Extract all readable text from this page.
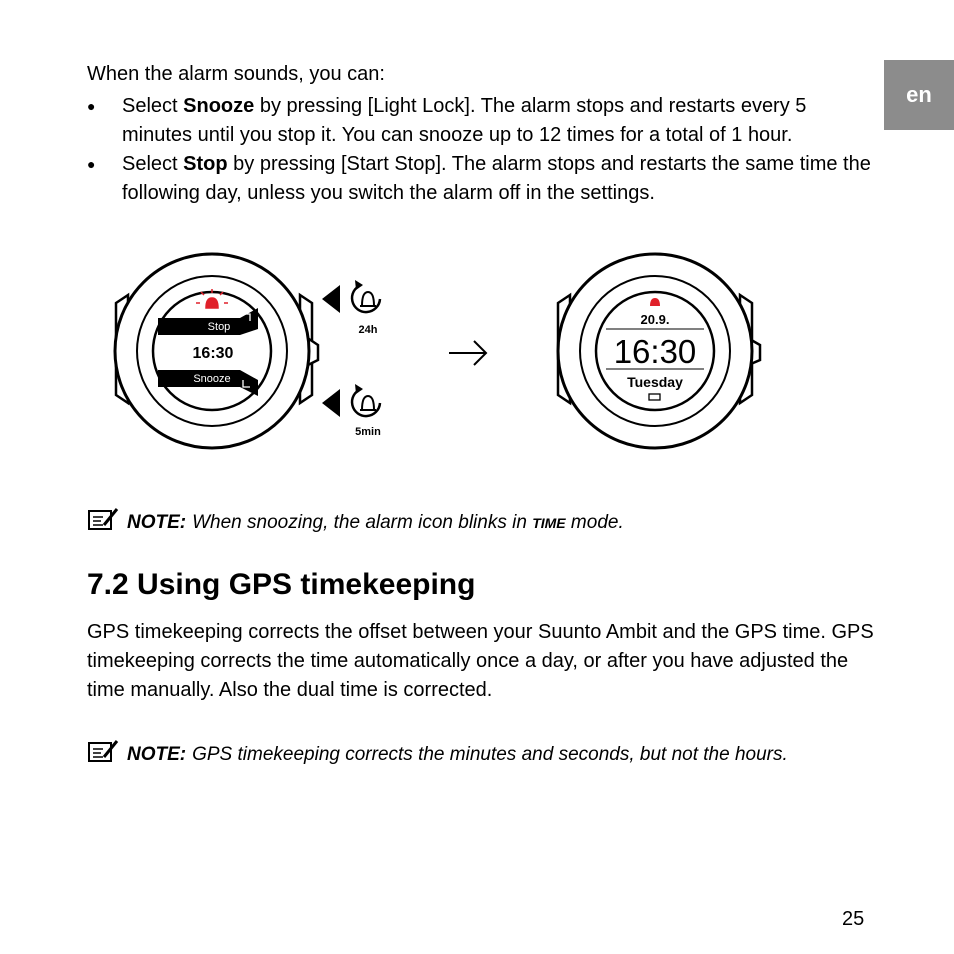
en

When the alarm sounds, you can:

● Select Snooze by pressing [Light Lock]. The alarm stops and restarts every 5 minutes until you stop it. You can snooze up to 12 times for a total of 1 hour.
● Select Stop by pressing [Start Stop]. The alarm stops and restarts the same time the following day, unless you switch the alarm off in the settings.
Stop
16:30
Snooze
24h
5min
20.9.
16:30
Tuesday
NOTE: When snoozing, the alarm icon blinks in TIME mode.
7.2 Using GPS timekeeping

GPS timekeeping corrects the offset between your Suunto Ambit and the GPS time. GPS timekeeping corrects the time automatically once a day, or after you have adjusted the time manually. Also the dual time is corrected.

NOTE: GPS timekeeping corrects the minutes and seconds, but not the hours.
25
